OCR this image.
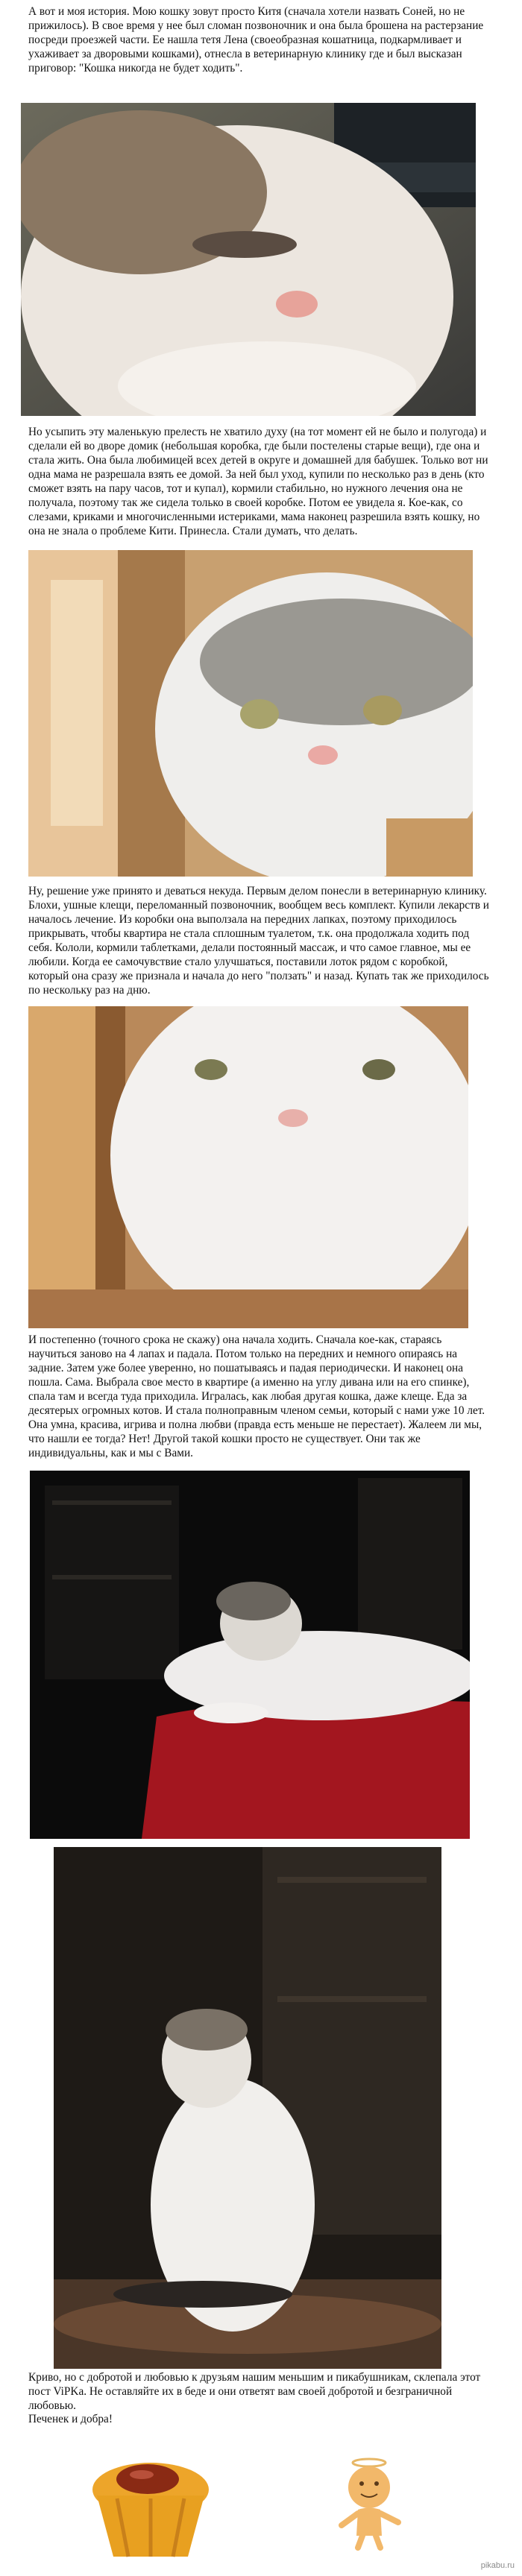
А вот и моя история. Мою кошку зовут просто Китя (сначала хотели назвать Соней, но не прижилось). В свое время у нее был сломан позвоночник и она была брошена на растерзание посреди проезжей части. Ее нашла тетя Лена (своеобразная кошатница, подкармливает и ухаживает за дворовыми кошками), отнесла в ветеринарную клинику где и был высказан приговор: "Кошка никогда не будет ходить".

Но усыпить эту маленькую прелесть не хватило духу (на тот момент ей не было и полугода) и сделали ей во дворе домик (небольшая коробка, где были постелены старые вещи), где она и стала жить. Она была любимицей всех детей в округе и домашней для бабушек. Только вот ни одна мама не разрешала взять ее домой. За ней был уход, купили по несколько раз в день (кто сможет взять на пару часов, тот и купал), кормили стабильно, но нужного лечения она не получала, поэтому так же сидела только в своей коробке. Потом ее увидела я. Кое-как, со слезами, криками и многочисленными истериками, мама наконец разрешила взять кошку, но она не знала о проблеме Кити. Принесла. Стали думать, что делать.

Ну, решение уже принято и деваться некуда. Первым делом понесли в ветеринарную клинику. Блохи, ушные клещи, переломанный позвоночник, вообщем весь комплект. Купили лекарств и началось лечение. Из коробки она выползала на передних лапках, поэтому приходилось прикрывать, чтобы квартира не стала сплошным туалетом, т.к. она продолжала ходить под себя. Кололи, кормили таблетками, делали постоянный массаж, и что самое главное, мы ее любили. Когда ее самочувствие стало улучшаться, поставили лоток рядом с коробкой, который она сразу же признала и начала до него "ползать" и назад. Купать так же приходилось по нескольку раз на дню.

И постепенно (точного срока не скажу) она начала ходить. Сначала кое-как, стараясь научиться заново на 4 лапах и падала. Потом только на передних и немного опираясь на задние. Затем уже более уверенно, но пошатываясь и падая периодически. И наконец она пошла. Сама. Выбрала свое место в квартире (а именно на углу дивана или на его спинке), спала там и всегда туда приходила. Игралась, как любая другая кошка, даже клеще. Еда за десятерых огромных котов. И стала полноправным членом семьи, который с нами уже 10 лет. Она умна, красива, игрива и полна любви (правда есть меньше не перестает). Жалеем ли мы, что нашли ее тогда? Нет! Другой такой кошки просто не существует. Они так же индивидуальны, как и мы с Вами.

Криво, но с добротой и любовью к друзьям нашим меньшим и пикабушникам, склепала этот пост ViPKa. Не оставляйте их в беде и они ответят вам своей добротой и безграничной любовью.

Печенек и добра!

pikabu.ru
